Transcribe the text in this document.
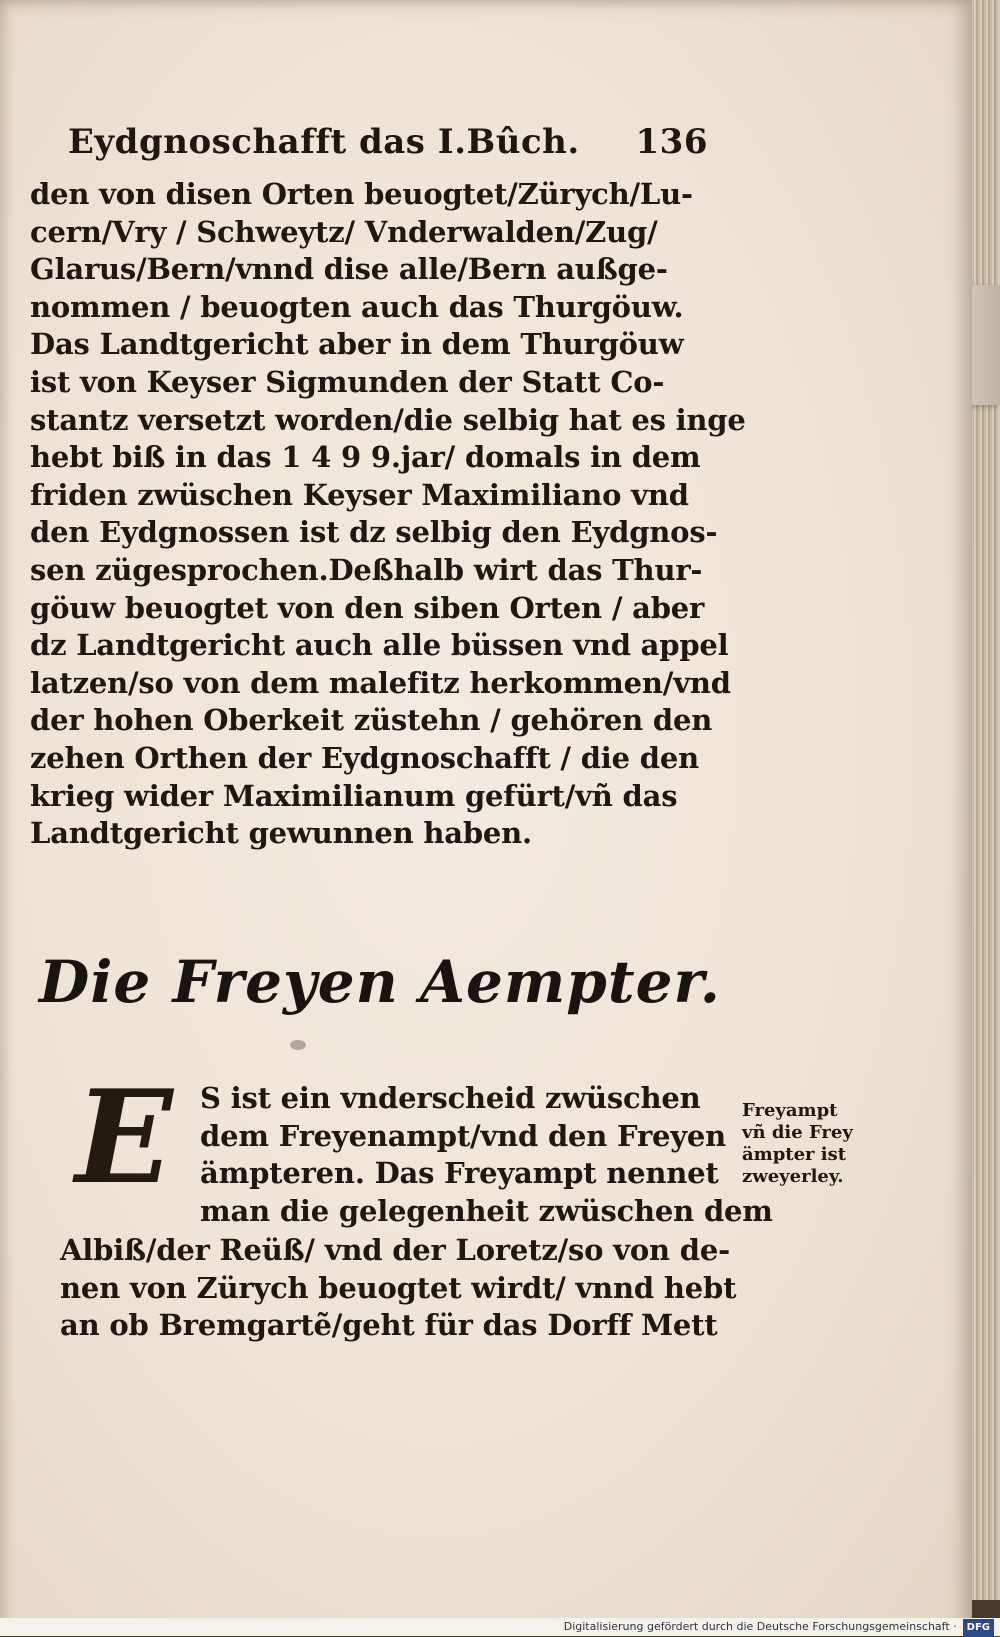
Eydgnoschafft das I.Bûch. 136
den von disen Orten beuogtet/Zürych/Lu-
cern/Vry / Schweytz/ Vnderwalden/Zug/
Glarus/Bern/vnnd dise alle/Bern außge-
nommen / beuogten auch das Thurgöuw.
Das Landtgericht aber in dem Thurgöuw
ist von Keyser Sigmunden der Statt Co-
stantz versetzt worden/die selbig hat es inge
hebt biß in das 1 4 9 9.jar/ domals in dem
friden zwüschen Keyser Maximiliano vnd
den Eydgnossen ist dz selbig den Eydgnos-
sen zügesprochen.Deßhalb wirt das Thur-
göuw beuogtet von den siben Orten / aber
dz Landtgericht auch alle büssen vnd appel
latzen/so von dem malefitz herkommen/vnd
der hohen Oberkeit züstehn / gehören den
zehen Orthen der Eydgnoschafft / die den
krieg wider Maximilianum gefürt/vñ das
Landtgericht gewunnen haben.
Die Freyen Aempter.
E S ist ein vnderscheid zwüschen
dem Freyenampt/vnd den Freyen
ämpteren. Das Freyampt nennet
man die gelegenheit zwüschen dem
Albiß/der Reüß/ vnd der Loretz/so von de-
nen von Zürych beuogtet wirdt/ vnnd hebt
an ob Bremgartẽ/geht für das Dorff Mett
Freyampt
vñ die Frey
ämpter ist
zweyerley.
Digitalisierung gefördert durch die Deutsche Forschungsgemeinschaft · DFG
